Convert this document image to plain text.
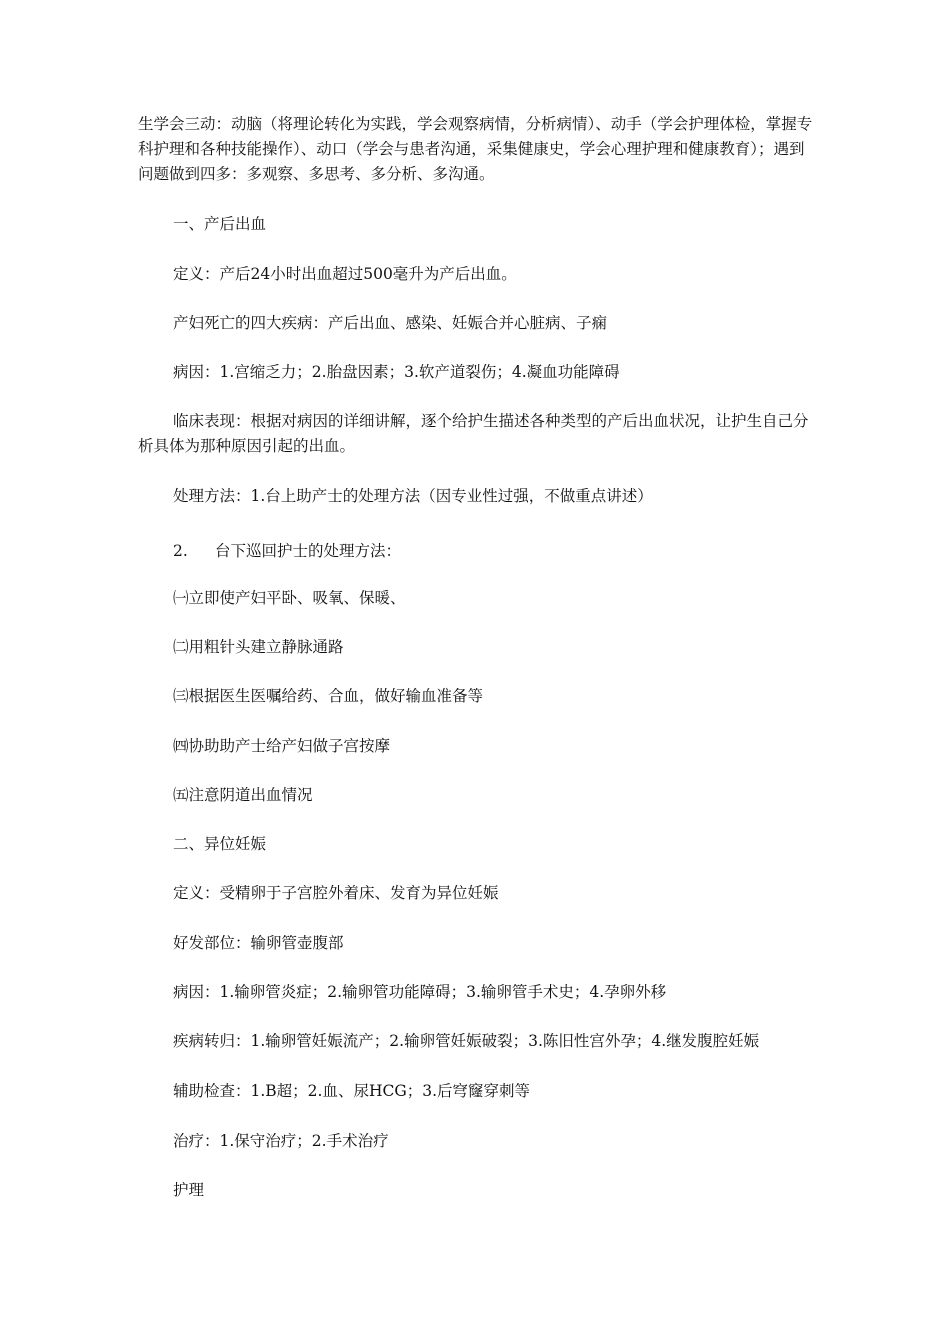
生学会三动：动脑（将理论转化为实践，学会观察病情，分析病情）、动手（学会护理体检，掌握专科护理和各种技能操作）、动口（学会与患者沟通，采集健康史，学会心理护理和健康教育）；遇到问题做到四多：多观察、多思考、多分析、多沟通。

一、产后出血

定义：产后24小时出血超过500毫升为产后出血。

产妇死亡的四大疾病：产后出血、感染、妊娠合并心脏病、子痫

病因：1.宫缩乏力；2.胎盘因素；3.软产道裂伤；4.凝血功能障碍

临床表现：根据对病因的详细讲解，逐个给护生描述各种类型的产后出血状况，让护生自己分析具体为那种原因引起的出血。

处理方法：1.台上助产士的处理方法（因专业性过强，不做重点讲述）

2. 台下巡回护士的处理方法：

㈠立即使产妇平卧、吸氧、保暖、

㈡用粗针头建立静脉通路

㈢根据医生医嘱给药、合血，做好输血准备等

㈣协助助产士给产妇做子宫按摩

㈤注意阴道出血情况

二、异位妊娠

定义：受精卵于子宫腔外着床、发育为异位妊娠

好发部位：输卵管壶腹部

病因：1.输卵管炎症；2.输卵管功能障碍；3.输卵管手术史；4.孕卵外移

疾病转归：1.输卵管妊娠流产；2.输卵管妊娠破裂；3.陈旧性宫外孕；4.继发腹腔妊娠

辅助检查：1.B超；2.血、尿HCG；3.后穹窿穿刺等

治疗：1.保守治疗；2.手术治疗

护理
